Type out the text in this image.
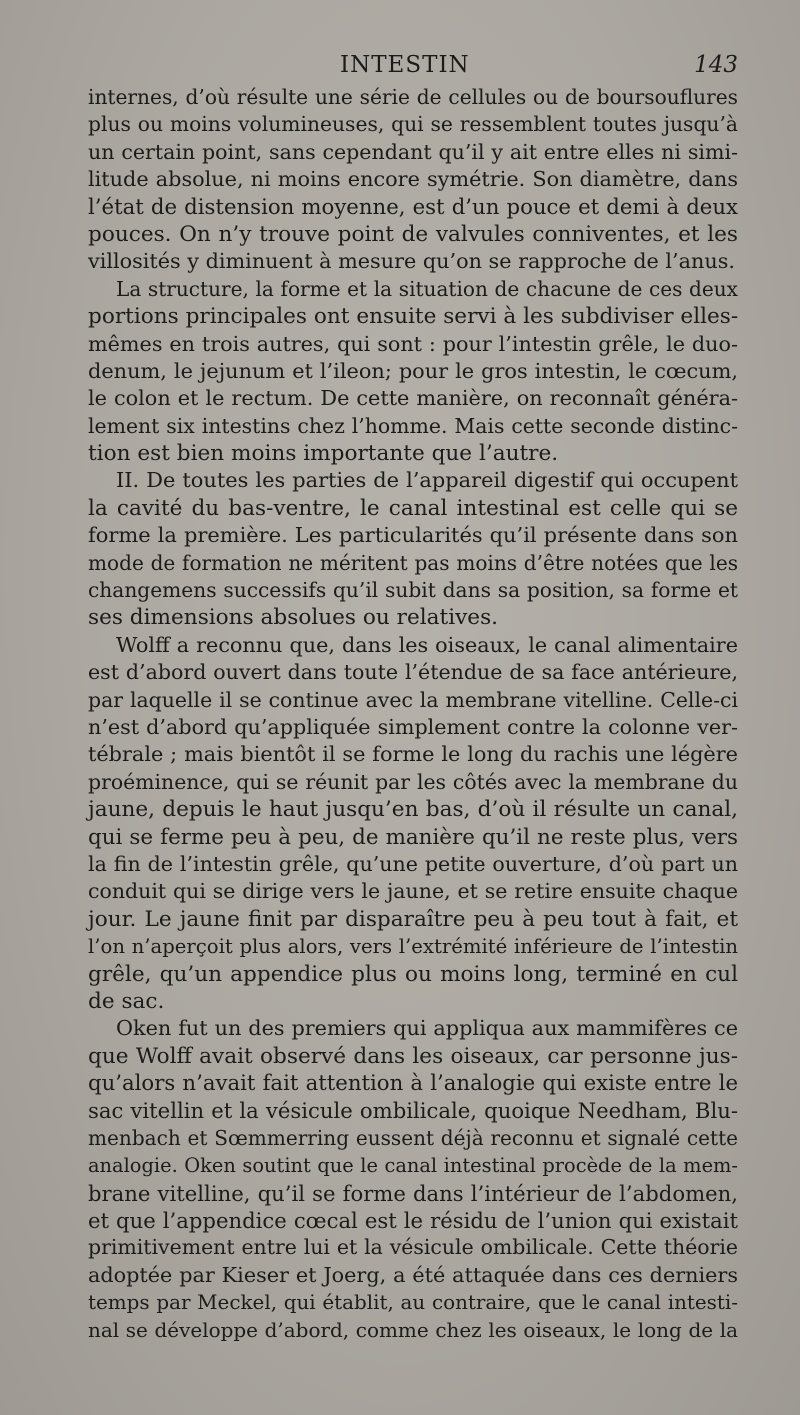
INTESTIN	143
internes, d’où résulte une série de cellules ou de boursouflures
plus ou moins volumineuses, qui se ressemblent toutes jusqu’à
un certain point, sans cependant qu’il y ait entre elles ni simi-
litude absolue, ni moins encore symétrie. Son diamètre, dans
l’état de distension moyenne, est d’un pouce et demi à deux
pouces. On n’y trouve point de valvules conniventes, et les
villosités y diminuent à mesure qu’on se rapproche de l’anus.
La structure, la forme et la situation de chacune de ces deux
portions principales ont ensuite servi à les subdiviser elles-
mêmes en trois autres, qui sont : pour l’intestin grêle, le duo-
denum, le jejunum et l’ileon; pour le gros intestin, le cœcum,
le colon et le rectum. De cette manière, on reconnaît généra-
lement six intestins chez l’homme. Mais cette seconde distinc-
tion est bien moins importante que l’autre.
II. De toutes les parties de l’appareil digestif qui occupent
la cavité du bas-ventre, le canal intestinal est celle qui se
forme la première. Les particularités qu’il présente dans son
mode de formation ne méritent pas moins d’être notées que les
changemens successifs qu’il subit dans sa position, sa forme et
ses dimensions absolues ou relatives.
Wolff a reconnu que, dans les oiseaux, le canal alimentaire
est d’abord ouvert dans toute l’étendue de sa face antérieure,
par laquelle il se continue avec la membrane vitelline. Celle-ci
n’est d’abord qu’appliquée simplement contre la colonne ver-
tébrale ; mais bientôt il se forme le long du rachis une légère
proéminence, qui se réunit par les côtés avec la membrane du
jaune, depuis le haut jusqu’en bas, d’où il résulte un canal,
qui se ferme peu à peu, de manière qu’il ne reste plus, vers
la fin de l’intestin grêle, qu’une petite ouverture, d’où part un
conduit qui se dirige vers le jaune, et se retire ensuite chaque
jour. Le jaune finit par disparaître peu à peu tout à fait, et
l’on n’aperçoit plus alors, vers l’extrémité inférieure de l’intestin
grêle, qu’un appendice plus ou moins long, terminé en cul
de sac.
Oken fut un des premiers qui appliqua aux mammifères ce
que Wolff avait observé dans les oiseaux, car personne jus-
qu’alors n’avait fait attention à l’analogie qui existe entre le
sac vitellin et la vésicule ombilicale, quoique Needham, Blu-
menbach et Sœmmerring eussent déjà reconnu et signalé cette
analogie. Oken soutint que le canal intestinal procède de la mem-
brane vitelline, qu’il se forme dans l’intérieur de l’abdomen,
et que l’appendice cœcal est le résidu de l’union qui existait
primitivement entre lui et la vésicule ombilicale. Cette théorie
adoptée par Kieser et Joerg, a été attaquée dans ces derniers
temps par Meckel, qui établit, au contraire, que le canal intesti-
nal se développe d’abord, comme chez les oiseaux, le long de la
